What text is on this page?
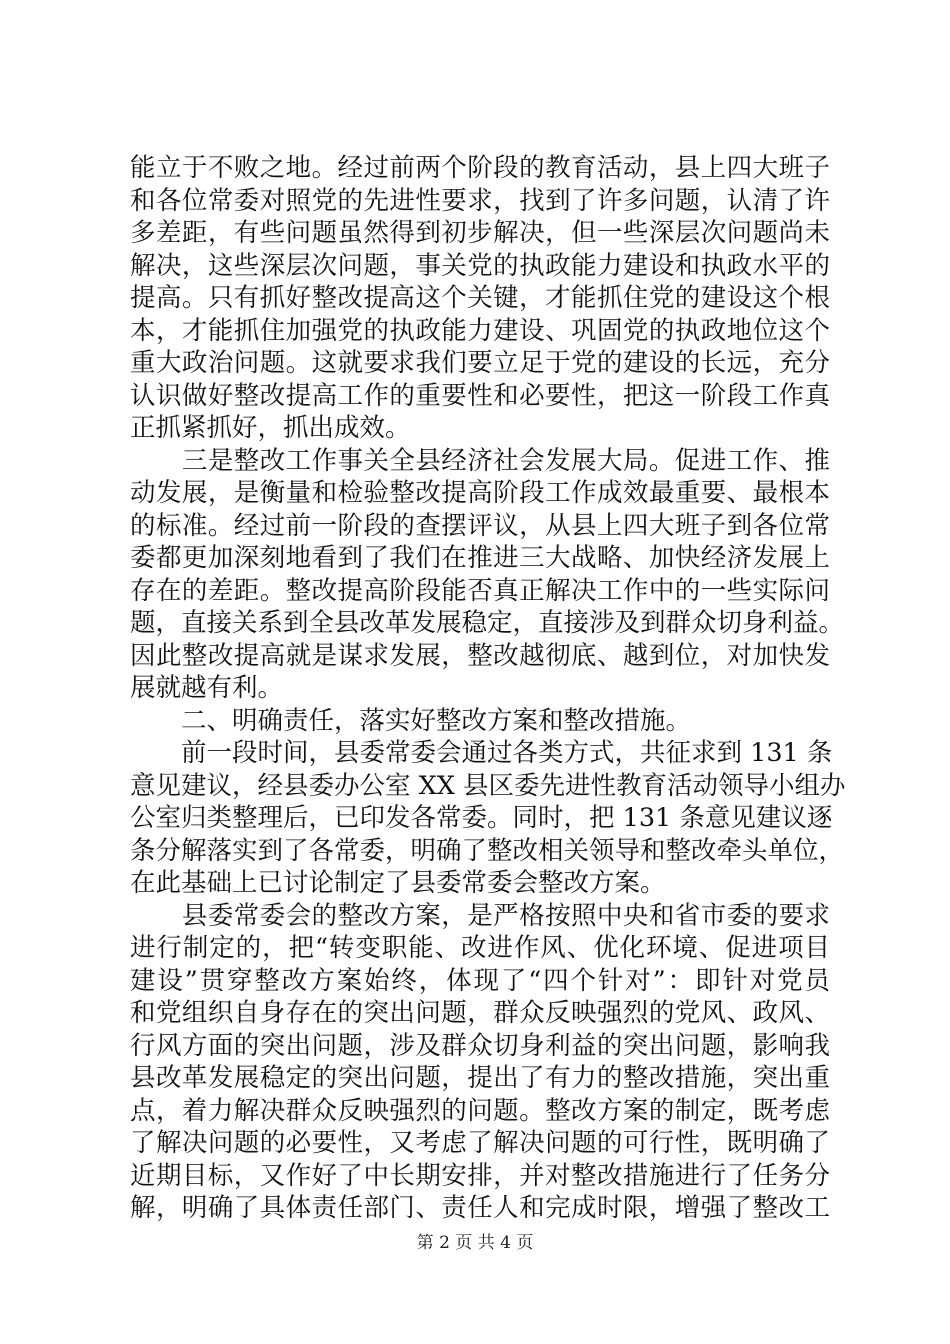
能立于不败之地。经过前两个阶段的教育活动，县上四大班子
和各位常委对照党的先进性要求，找到了许多问题，认清了许
多差距，有些问题虽然得到初步解决，但一些深层次问题尚未
解决，这些深层次问题，事关党的执政能力建设和执政水平的
提高。只有抓好整改提高这个关键，才能抓住党的建设这个根
本，才能抓住加强党的执政能力建设、巩固党的执政地位这个
重大政治问题。这就要求我们要立足于党的建设的长远，充分
认识做好整改提高工作的重要性和必要性，把这一阶段工作真
正抓紧抓好，抓出成效。
　　三是整改工作事关全县经济社会发展大局。促进工作、推
动发展，是衡量和检验整改提高阶段工作成效最重要、最根本
的标准。经过前一阶段的查摆评议，从县上四大班子到各位常
委都更加深刻地看到了我们在推进三大战略、加快经济发展上
存在的差距。整改提高阶段能否真正解决工作中的一些实际问
题，直接关系到全县改革发展稳定，直接涉及到群众切身利益。
因此整改提高就是谋求发展，整改越彻底、越到位，对加快发
展就越有利。
　　二、明确责任，落实好整改方案和整改措施。
　　前一段时间，县委常委会通过各类方式，共征求到 131 条
意见建议，经县委办公室 XX 县区委先进性教育活动领导小组办
公室归类整理后，已印发各常委。同时，把 131 条意见建议逐
条分解落实到了各常委，明确了整改相关领导和整改牵头单位，
在此基础上已讨论制定了县委常委会整改方案。
　　县委常委会的整改方案，是严格按照中央和省市委的要求
进行制定的，把“转变职能、改进作风、优化环境、促进项目
建设”贯穿整改方案始终，体现了“四个针对”：即针对党员
和党组织自身存在的突出问题，群众反映强烈的党风、政风、
行风方面的突出问题，涉及群众切身利益的突出问题，影响我
县改革发展稳定的突出问题，提出了有力的整改措施，突出重
点，着力解决群众反映强烈的问题。整改方案的制定，既考虑
了解决问题的必要性，又考虑了解决问题的可行性，既明确了
近期目标，又作好了中长期安排，并对整改措施进行了任务分
解，明确了具体责任部门、责任人和完成时限，增强了整改工
第 2 页 共 4 页
